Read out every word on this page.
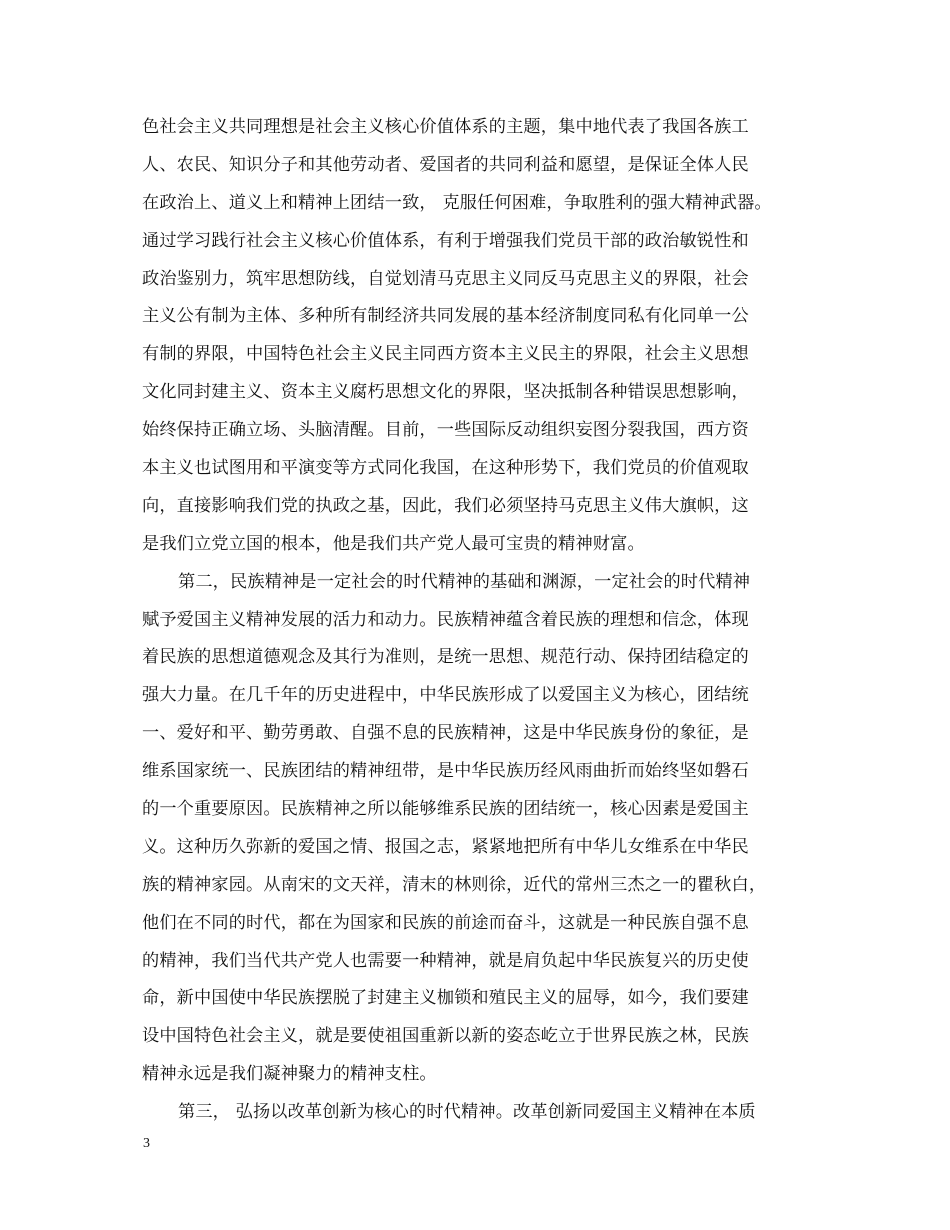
色社会主义共同理想是社会主义核心价值体系的主题，集中地代表了我国各族工
人、农民、知识分子和其他劳动者、爱国者的共同利益和愿望，是保证全体人民
在政治上、道义上和精神上团结一致， 克服任何困难，争取胜利的强大精神武器。
通过学习践行社会主义核心价值体系，有利于增强我们党员干部的政治敏锐性和
政治鉴别力，筑牢思想防线，自觉划清马克思主义同反马克思主义的界限，社会
主义公有制为主体、多种所有制经济共同发展的基本经济制度同私有化同单一公
有制的界限，中国特色社会主义民主同西方资本主义民主的界限，社会主义思想
文化同封建主义、资本主义腐朽思想文化的界限，坚决抵制各种错误思想影响，
始终保持正确立场、头脑清醒。目前，一些国际反动组织妄图分裂我国，西方资
本主义也试图用和平演变等方式同化我国，在这种形势下，我们党员的价值观取
向，直接影响我们党的执政之基，因此，我们必须坚持马克思主义伟大旗帜，这
是我们立党立国的根本，他是我们共产党人最可宝贵的精神财富。
第二，民族精神是一定社会的时代精神的基础和渊源，一定社会的时代精神
赋予爱国主义精神发展的活力和动力。民族精神蕴含着民族的理想和信念，体现
着民族的思想道德观念及其行为准则，是统一思想、规范行动、保持团结稳定的
强大力量。在几千年的历史进程中，中华民族形成了以爱国主义为核心，团结统
一、爱好和平、勤劳勇敢、自强不息的民族精神，这是中华民族身份的象征，是
维系国家统一、民族团结的精神纽带，是中华民族历经风雨曲折而始终坚如磐石
的一个重要原因。民族精神之所以能够维系民族的团结统一，核心因素是爱国主
义。这种历久弥新的爱国之情、报国之志，紧紧地把所有中华儿女维系在中华民
族的精神家园。从南宋的文天祥，清末的林则徐，近代的常州三杰之一的瞿秋白，
他们在不同的时代，都在为国家和民族的前途而奋斗，这就是一种民族自强不息
的精神，我们当代共产党人也需要一种精神，就是肩负起中华民族复兴的历史使
命，新中国使中华民族摆脱了封建主义枷锁和殖民主义的屈辱，如今，我们要建
设中国特色社会主义，就是要使祖国重新以新的姿态屹立于世界民族之林，民族
精神永远是我们凝神聚力的精神支柱。
第三， 弘扬以改革创新为核心的时代精神。改革创新同爱国主义精神在本质
3
